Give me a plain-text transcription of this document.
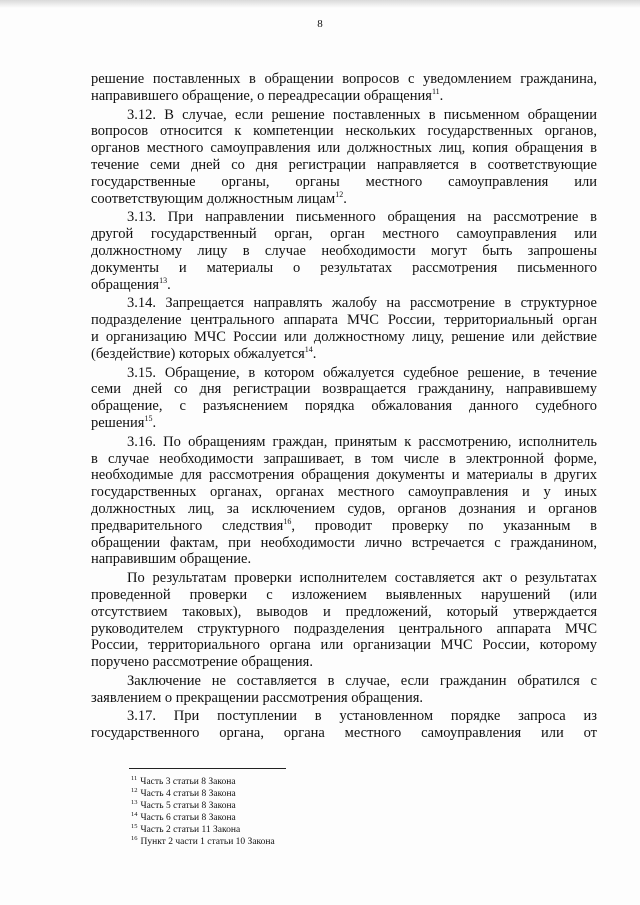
8

решение поставленных в обращении вопросов с уведомлением гражданина,
направившего обращение, о переадресации обращения$^{11}$.

3.12. В случае, если решение поставленных в письменном обращении
вопросов относится к компетенции нескольких государственных органов,
органов местного самоуправления или должностных лиц, копия обращения в
течение семи дней со дня регистрации направляется в соответствующие
государственные органы, органы местного самоуправления или
соответствующим должностным лицам$^{12}$.

3.13. При направлении письменного обращения на рассмотрение в
другой государственный орган, орган местного самоуправления или
должностному лицу в случае необходимости могут быть запрошены
документы и материалы о результатах рассмотрения письменного
обращения$^{13}$.

3.14. Запрещается направлять жалобу на рассмотрение в структурное
подразделение центрального аппарата МЧС России, территориальный орган
и организацию МЧС России или должностному лицу, решение или действие
(бездействие) которых обжалуется$^{14}$.

3.15. Обращение, в котором обжалуется судебное решение, в течение
семи дней со дня регистрации возвращается гражданину, направившему
обращение, с разъяснением порядка обжалования данного судебного
решения$^{15}$.

3.16. По обращениям граждан, принятым к рассмотрению, исполнитель
в случае необходимости запрашивает, в том числе в электронной форме,
необходимые для рассмотрения обращения документы и материалы в других
государственных органах, органах местного самоуправления и у иных
должностных лиц, за исключением судов, органов дознания и органов
предварительного следствия$^{16}$, проводит проверку по указанным в
обращении фактам, при необходимости лично встречается с гражданином,
направившим обращение.

По результатам проверки исполнителем составляется акт о результатах
проведенной проверки с изложением выявленных нарушений (или
отсутствием таковых), выводов и предложений, который утверждается
руководителем структурного подразделения центрального аппарата МЧС
России, территориального органа или организации МЧС России, которому
поручено рассмотрение обращения.

Заключение не составляется в случае, если гражданин обратился с
заявлением о прекращении рассмотрения обращения.

3.17. При поступлении в установленном порядке запроса из
государственного органа, органа местного самоуправления или от

$^{11}$ Часть 3 статьи 8 Закона
$^{12}$ Часть 4 статьи 8 Закона
$^{13}$ Часть 5 статьи 8 Закона
$^{14}$ Часть 6 статьи 8 Закона
$^{15}$ Часть 2 статьи 11 Закона
$^{16}$ Пункт 2 части 1 статьи 10 Закона
